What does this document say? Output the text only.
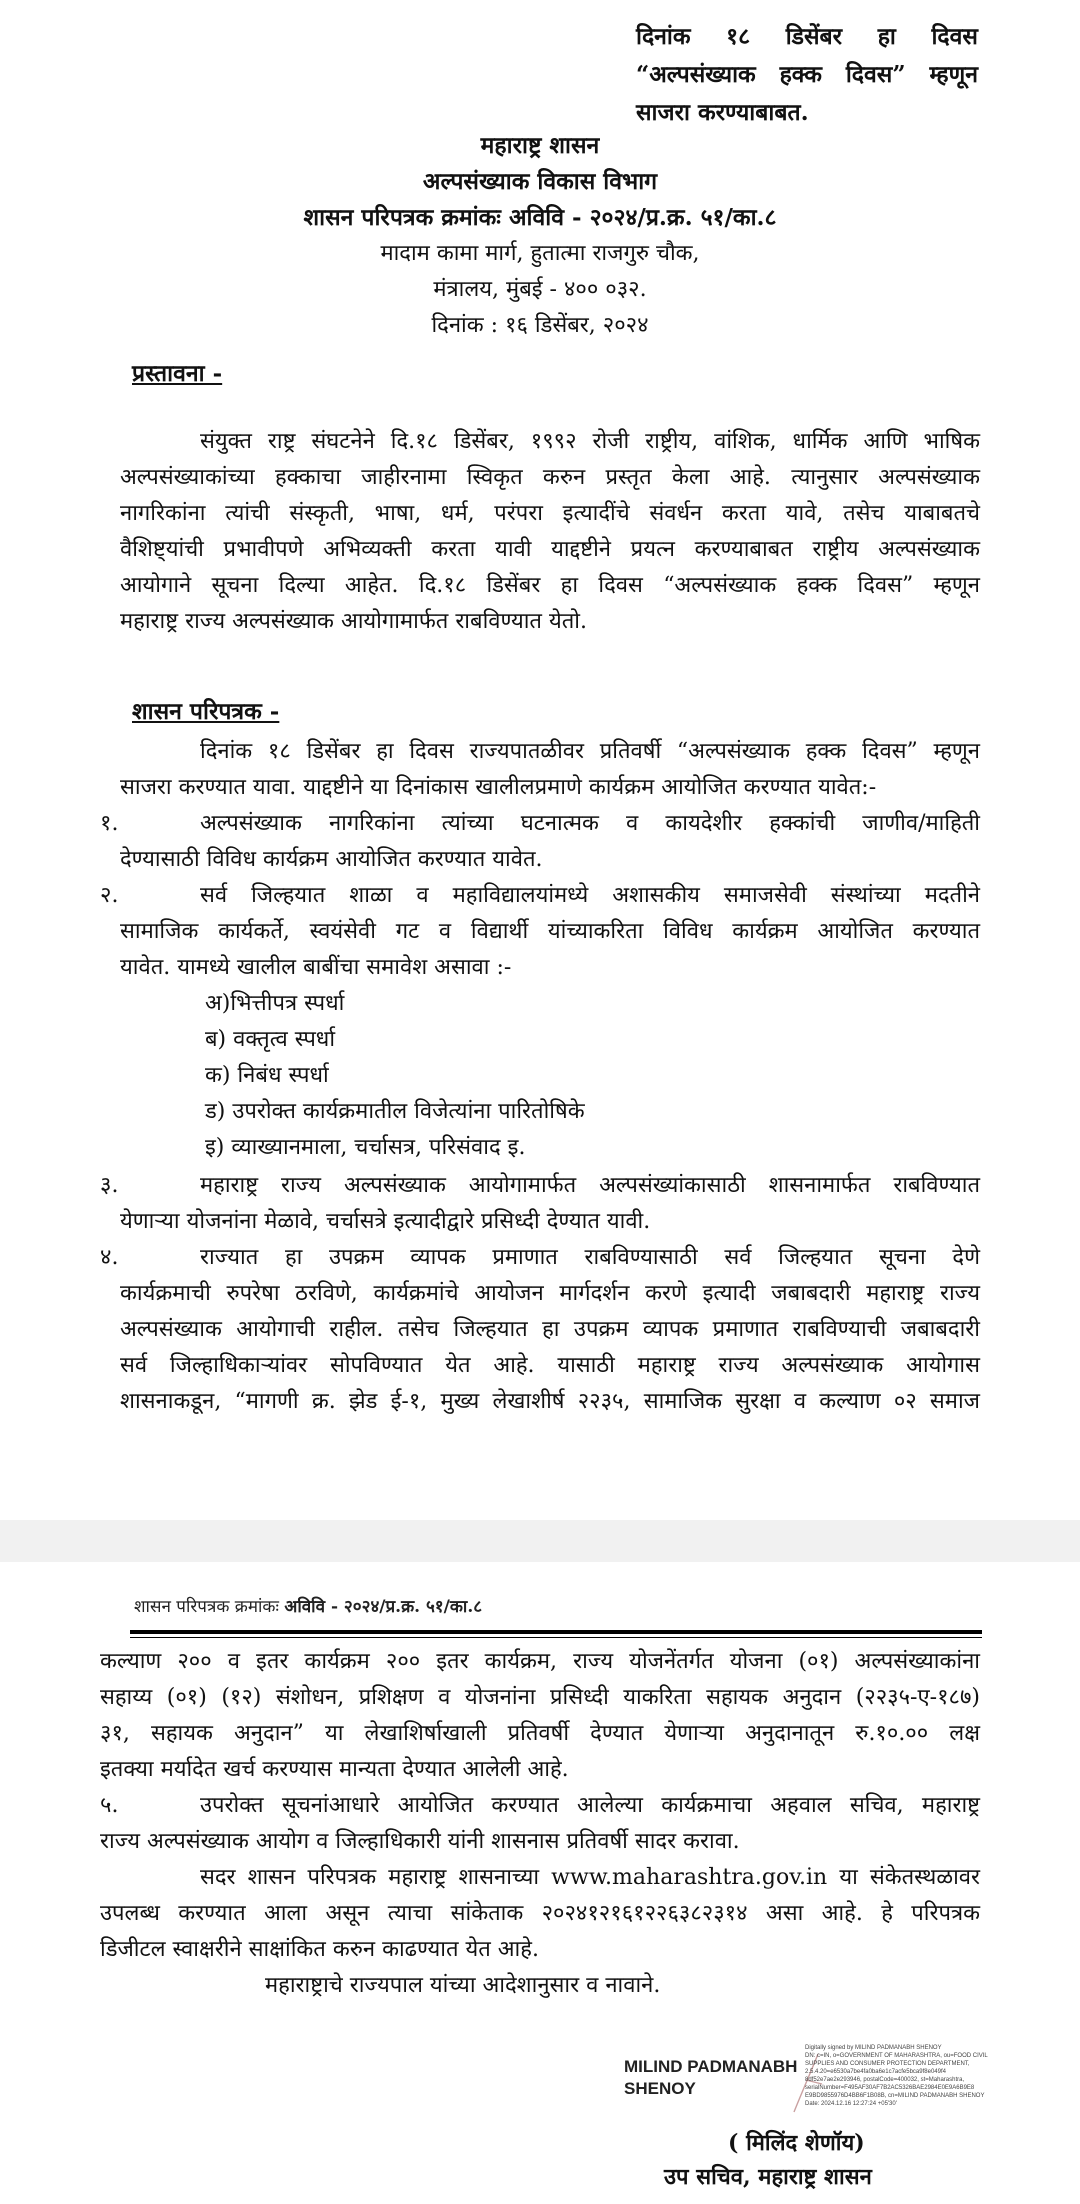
दिनांक १८ डिसेंबर हा दिवस
“अल्पसंख्याक हक्क दिवस” म्हणून
साजरा करण्याबाबत.
महाराष्ट्र शासन
अल्पसंख्याक विकास विभाग
शासन परिपत्रक क्रमांकः अविवि - २०२४/प्र.क्र. ५१/का.८
मादाम कामा मार्ग, हुतात्मा राजगुरु चौक,
मंत्रालय, मुंबई - ४०० ०३२.
दिनांक : १६ डिसेंबर, २०२४
प्रस्तावना -
संयुक्त राष्ट्र संघटनेने दि.१८ डिसेंबर, १९९२ रोजी राष्ट्रीय, वांशिक, धार्मिक आणि भाषिक
अल्पसंख्याकांच्या हक्काचा जाहीरनामा स्विकृत करुन प्रस्तृत केला आहे. त्यानुसार अल्पसंख्याक
नागरिकांना त्यांची संस्कृती, भाषा, धर्म, परंपरा इत्यादींचे संवर्धन करता यावे, तसेच याबाबतचे
वैशिष्ट्यांची प्रभावीपणे अभिव्यक्ती करता यावी याद्दष्टीने प्रयत्न करण्याबाबत राष्ट्रीय अल्पसंख्याक
आयोगाने सूचना दिल्या आहेत. दि.१८ डिसेंबर हा दिवस “अल्पसंख्याक हक्क दिवस” म्हणून
महाराष्ट्र राज्य अल्पसंख्याक आयोगामार्फत राबविण्यात येतो.
शासन परिपत्रक -
दिनांक १८ डिसेंबर हा दिवस राज्यपातळीवर प्रतिवर्षी “अल्पसंख्याक हक्क दिवस” म्हणून
साजरा करण्यात यावा. याद्दष्टीने या दिनांकास खालीलप्रमाणे कार्यक्रम आयोजित करण्यात यावेत:-
१.	अल्पसंख्याक नागरिकांना त्यांच्या घटनात्मक व कायदेशीर हक्कांची जाणीव/माहिती
देण्यासाठी विविध कार्यक्रम आयोजित करण्यात यावेत.
२.	सर्व जिल्हयात शाळा व महाविद्यालयांमध्ये अशासकीय समाजसेवी संस्थांच्या मदतीने
सामाजिक कार्यकर्ते, स्वयंसेवी गट व विद्यार्थी यांच्याकरिता विविध कार्यक्रम आयोजित करण्यात
यावेत. यामध्ये खालील बाबींचा समावेश असावा :-
अ)भित्तीपत्र स्पर्धा
ब) वक्तृत्व स्पर्धा
क) निबंध स्पर्धा
ड) उपरोक्त कार्यक्रमातील विजेत्यांना पारितोषिके
इ) व्याख्यानमाला, चर्चासत्र, परिसंवाद इ.
३.	महाराष्ट्र राज्य अल्पसंख्याक आयोगामार्फत अल्पसंख्यांकासाठी शासनामार्फत राबविण्यात
येणाऱ्या योजनांना मेळावे, चर्चासत्रे इत्यादीद्वारे प्रसिध्दी देण्यात यावी.
४.	राज्यात हा उपक्रम व्यापक प्रमाणात राबविण्यासाठी सर्व जिल्हयात सूचना देणे
कार्यक्रमाची रुपरेषा ठरविणे, कार्यक्रमांचे आयोजन मार्गदर्शन करणे इत्यादी जबाबदारी महाराष्ट्र राज्य
अल्पसंख्याक आयोगाची राहील. तसेच जिल्हयात हा उपक्रम व्यापक प्रमाणात राबविण्याची जबाबदारी
सर्व जिल्हाधिकाऱ्यांवर सोपविण्यात येत आहे. यासाठी महाराष्ट्र राज्य अल्पसंख्याक आयोगास
शासनाकडून, “मागणी क्र. झेड ई-१, मुख्य लेखाशीर्ष २२३५, सामाजिक सुरक्षा व कल्याण ०२ समाज
शासन परिपत्रक क्रमांकः अविवि - २०२४/प्र.क्र. ५१/का.८
कल्याण २०० व इतर कार्यक्रम २०० इतर कार्यक्रम, राज्य योजनेंतर्गत योजना (०१) अल्पसंख्याकांना
सहाय्य (०१) (१२) संशोधन, प्रशिक्षण व योजनांना प्रसिध्दी याकरिता सहायक अनुदान (२२३५-ए-१८७)
३१, सहायक अनुदान” या लेखाशिर्षाखाली प्रतिवर्षी देण्यात येणाऱ्या अनुदानातून रु.१०.०० लक्ष
इतक्या मर्यादेत खर्च करण्यास मान्यता देण्यात आलेली आहे.
५.	उपरोक्त सूचनांआधारे आयोजित करण्यात आलेल्या कार्यक्रमाचा अहवाल सचिव, महाराष्ट्र
राज्य अल्पसंख्याक आयोग व जिल्हाधिकारी यांनी शासनास प्रतिवर्षी सादर करावा.
सदर शासन परिपत्रक महाराष्ट्र शासनाच्या www.maharashtra.gov.in या संकेतस्थळावर
उपलब्ध करण्यात आला असून त्याचा सांकेताक २०२४१२१६१२२६३८२३१४ असा आहे. हे परिपत्रक
डिजीटल स्वाक्षरीने साक्षांकित करुन काढण्यात येत आहे.
महाराष्ट्राचे राज्यपाल यांच्या आदेशानुसार व नावाने.
MILIND PADMANABH
SHENOY
Digitally signed by MILIND PADMANABH SHENOY
DN: c=IN, o=GOVERNMENT OF MAHARASHTRA, ou=FOOD CIVIL
SUPPLIES AND CONSUMER PROTECTION DEPARTMENT,
2.5.4.20=e6530a7be4fa0ba6e1c7acfe5bca9f8e049f4
8df52e7ae2e293946, postalCode=400032, st=Maharashtra,
serialNumber=F495AF30AF7B2AC5326BAE2984E0E9A6B9E8
E9BD9855976D4BB6F1B08B, cn=MILIND PADMANABH SHENOY
Date: 2024.12.16 12:27:24 +05'30'
( मिलिंद शेणॉय)
उप सचिव, महाराष्ट्र शासन
